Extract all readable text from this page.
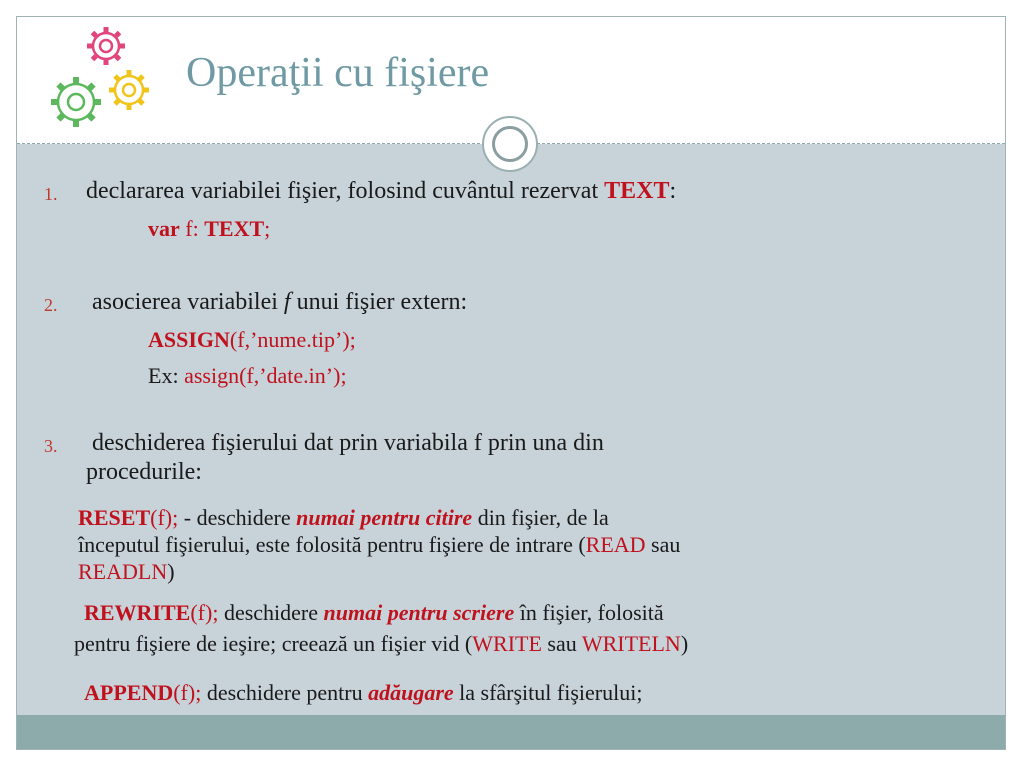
Operaţii cu fişiere
1. declararea variabilei fişier, folosind cuvântul rezervat TEXT:
var f: TEXT;
2. asocierea variabilei f unui fişier extern:
ASSIGN(f,’nume.tip’);
Ex: assign(f,’date.in’);
3. deschiderea fişierului dat prin variabila f prin una din
procedurile:
RESET(f); - deschidere numai pentru citire din fişier, de la
începutul fişierului, este folosită pentru fişiere de intrare (READ sau
READLN)
REWRITE(f); deschidere numai pentru scriere în fişier, folosită
pentru fişiere de ieşire; creează un fişier vid (WRITE sau WRITELN)
APPEND(f); deschidere pentru adăugare la sfârşitul fişierului;
